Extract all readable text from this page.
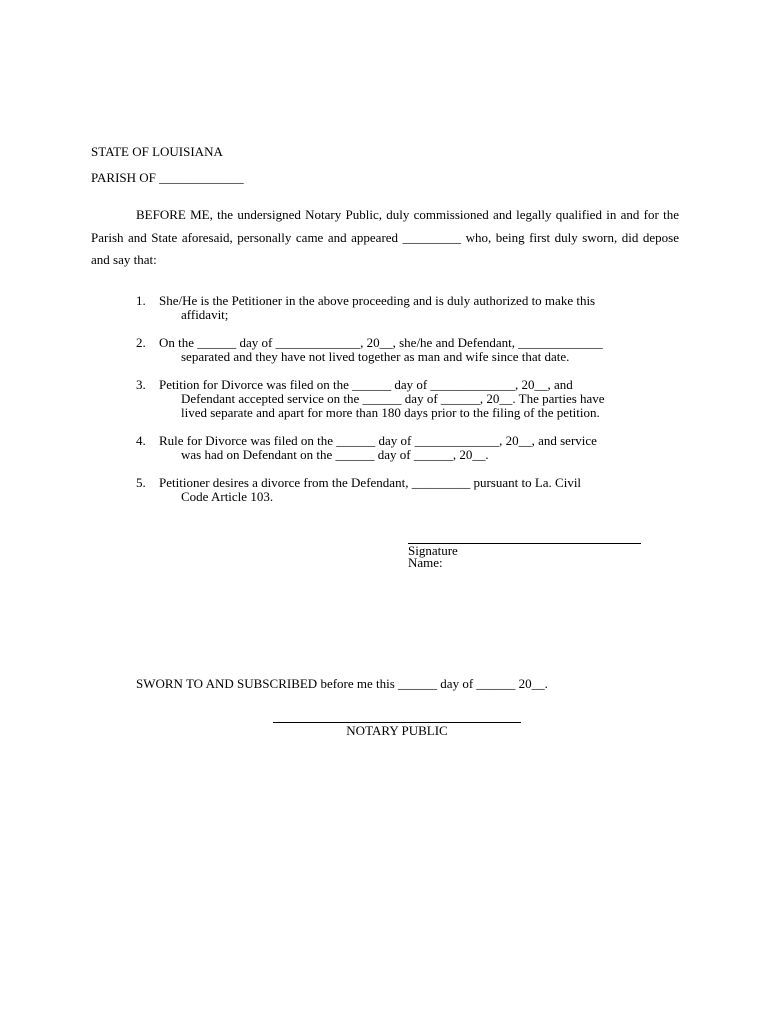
STATE OF LOUISIANA
PARISH OF _____________

BEFORE ME, the undersigned Notary Public, duly commissioned and legally qualified in and for the Parish and State aforesaid, personally came and appeared _________ who, being first duly sworn, did depose and say that:

1.	She/He is the Petitioner in the above proceeding and is duly authorized to make this
affidavit;
2.	On the ______ day of _____________, 20__, she/he and Defendant, _____________
separated and they have not lived together as man and wife since that date.
3.	Petition for Divorce was filed on the ______ day of _____________, 20__, and
Defendant accepted service on the ______ day of ______, 20__. The parties have
lived separate and apart for more than 180 days prior to the filing of the petition.
4.	Rule for Divorce was filed on the ______ day of _____________, 20__, and service
was had on Defendant on the ______ day of ______, 20__.
5.	Petitioner desires a divorce from the Defendant, _________ pursuant to La. Civil
Code Article 103.
Signature
Name:
SWORN TO AND SUBSCRIBED before me this ______ day of ______ 20__.
NOTARY PUBLIC
